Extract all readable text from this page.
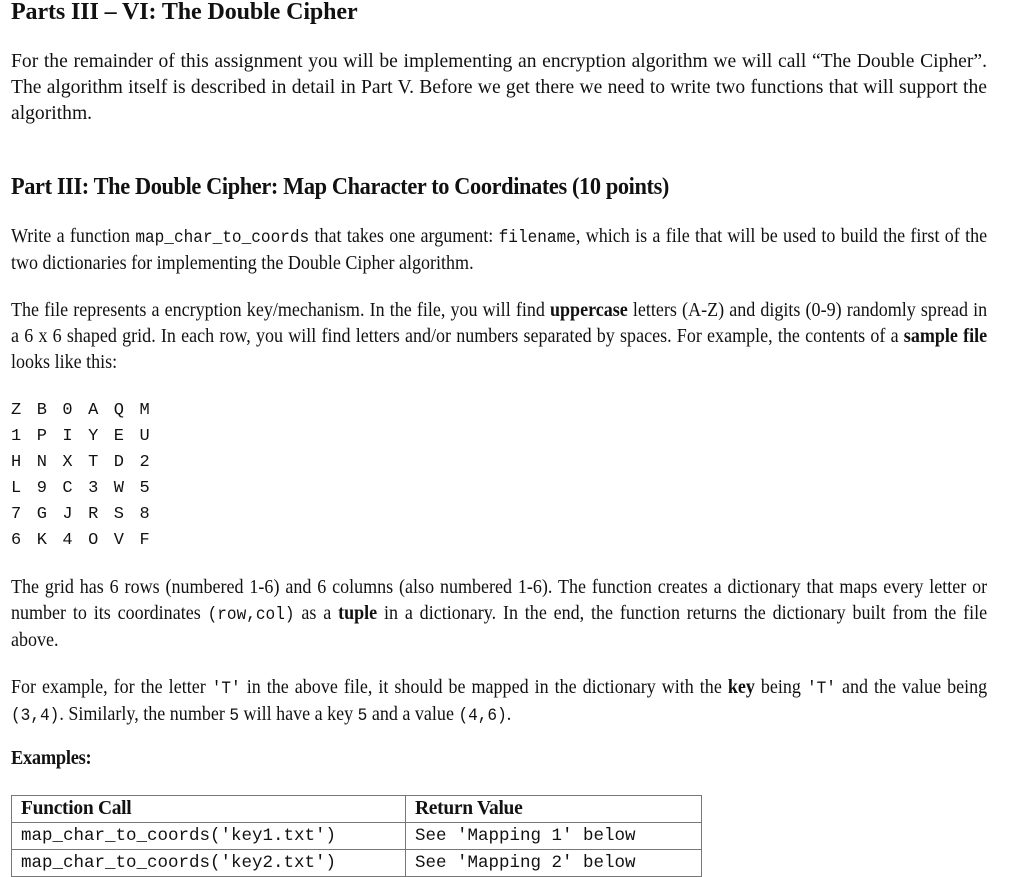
Parts III – VI: The Double Cipher

For the remainder of this assignment you will be implementing an encryption algorithm we will call “The Double Cipher”. The algorithm itself is described in detail in Part V. Before we get there we need to write two functions that will support the algorithm.

Part III: The Double Cipher: Map Character to Coordinates (10 points)

Write a function map_char_to_coords that takes one argument: filename, which is a file that will be used to build the first of the two dictionaries for implementing the Double Cipher algorithm.

The file represents a encryption key/mechanism. In the file, you will find uppercase letters (A-Z) and digits (0-9) randomly spread in a 6 x 6 shaped grid. In each row, you will find letters and/or numbers separated by spaces. For example, the contents of a sample file looks like this:

Z B 0 A Q M
1 P I Y E U
H N X T D 2
L 9 C 3 W 5
7 G J R S 8
6 K 4 O V F

The grid has 6 rows (numbered 1-6) and 6 columns (also numbered 1-6). The function creates a dictionary that maps every letter or number to its coordinates (row,col) as a tuple in a dictionary. In the end, the function returns the dictionary built from the file above.

For example, for the letter 'T' in the above file, it should be mapped in the dictionary with the key being 'T' and the value being (3,4). Similarly, the number 5 will have a key 5 and a value (4,6).

Examples:
Function Call	Return Value
map_char_to_coords('key1.txt')	See 'Mapping 1' below
map_char_to_coords('key2.txt')	See 'Mapping 2' below
